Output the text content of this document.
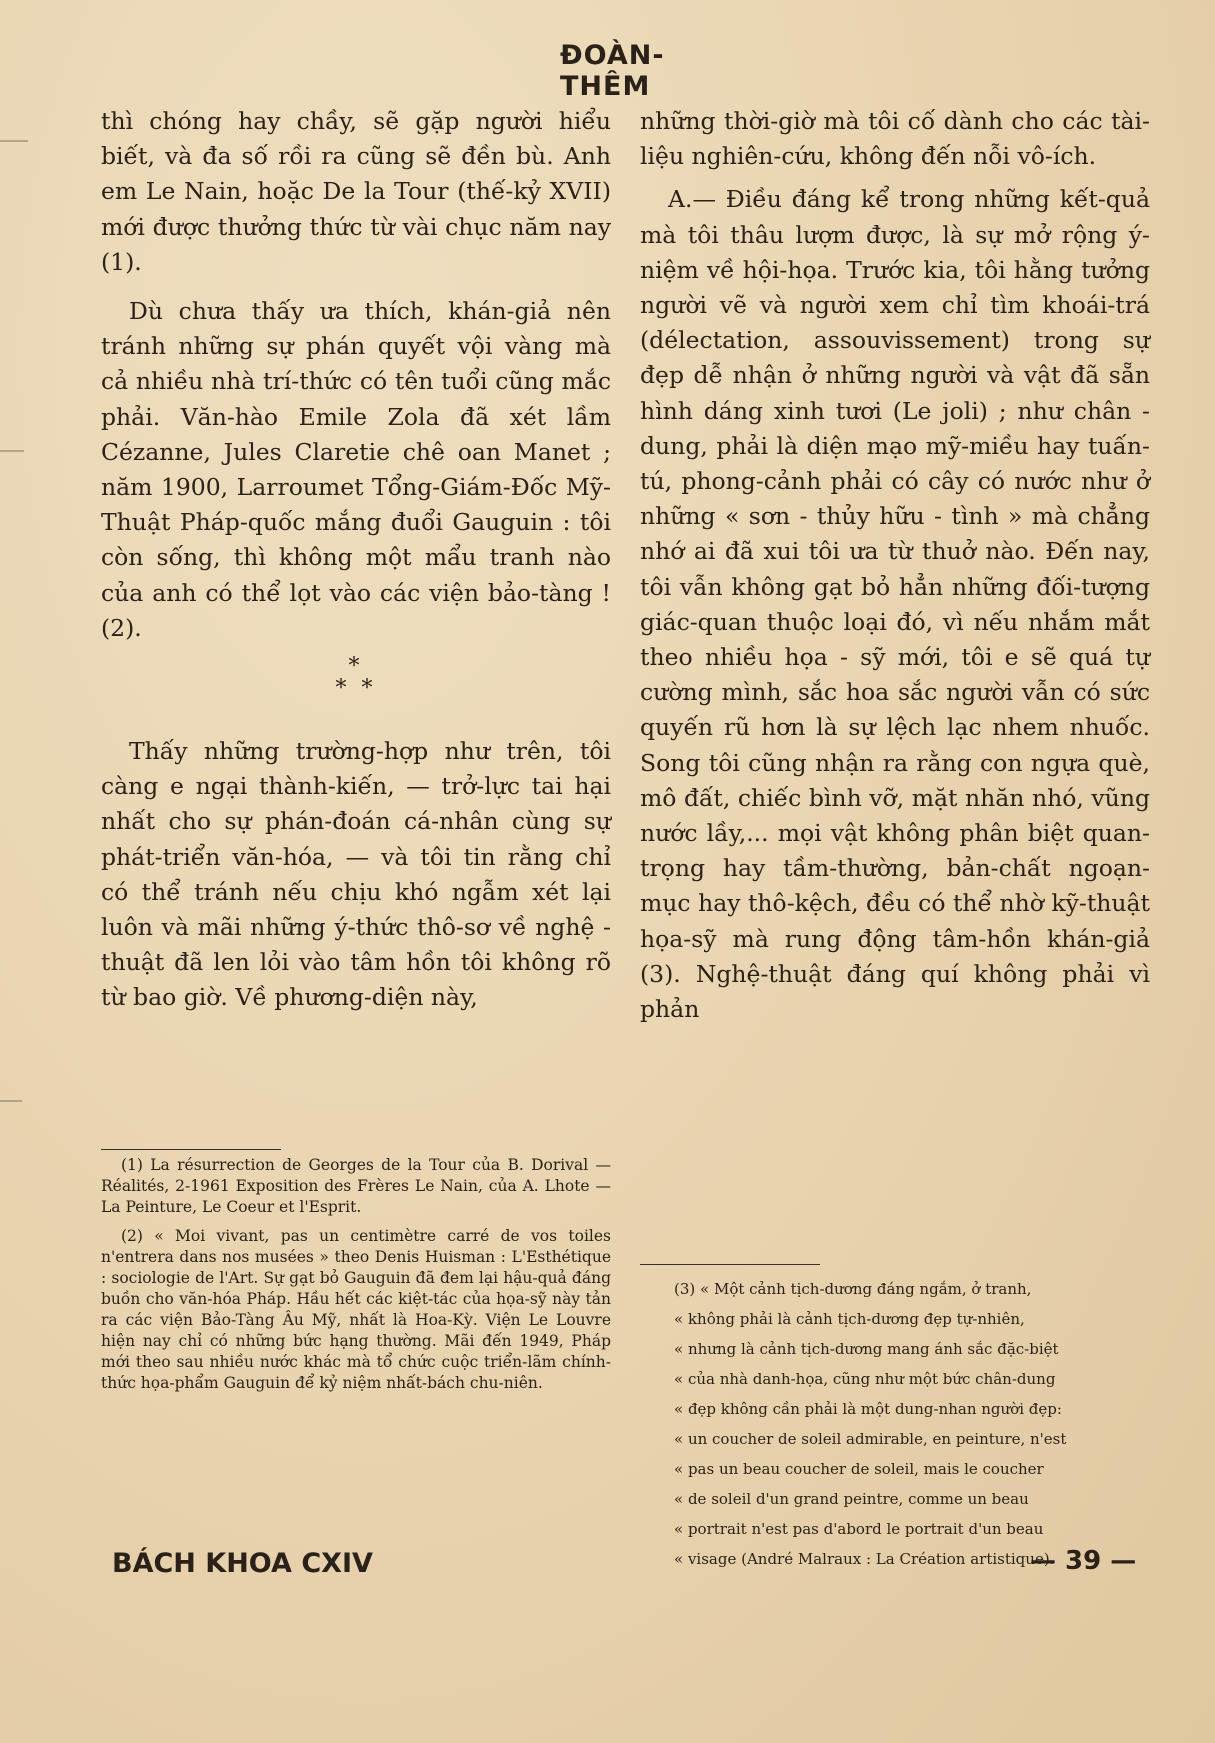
ĐOÀN-THÊM

thì chóng hay chầy, sẽ gặp người hiểu biết, và đa số rồi ra cũng sẽ đền bù. Anh em Le Nain, hoặc De la Tour (thế-kỷ XVII) mới được thưởng thức từ vài chục năm nay (1).

Dù chưa thấy ưa thích, khán-giả nên tránh những sự phán quyết vội vàng mà cả nhiều nhà trí-thức có tên tuổi cũng mắc phải. Văn-hào Emile Zola đã xét lầm Cézanne, Jules Claretie chê oan Manet ; năm 1900, Larroumet Tổng-Giám-Đốc Mỹ-Thuật Pháp-quốc mắng đuổi Gauguin : tôi còn sống, thì không một mẩu tranh nào của anh có thể lọt vào các viện bảo-tàng ! (2).

*
* *

Thấy những trường-hợp như trên, tôi càng e ngại thành-kiến, — trở-lực tai hại nhất cho sự phán-đoán cá-nhân cùng sự phát-triển văn-hóa, — và tôi tin rằng chỉ có thể tránh nếu chịu khó ngẫm xét lại luôn và mãi những ý-thức thô-sơ về nghệ - thuật đã len lỏi vào tâm hồn tôi không rõ từ bao giờ. Về phương-diện này,

những thời-giờ mà tôi cố dành cho các tài-liệu nghiên-cứu, không đến nỗi vô-ích.

A.— Điều đáng kể trong những kết-quả mà tôi thâu lượm được, là sự mở rộng ý-niệm về hội-họa. Trước kia, tôi hằng tưởng người vẽ và người xem chỉ tìm khoái-trá (délectation, assouvissement) trong sự đẹp dễ nhận ở những người và vật đã sẵn hình dáng xinh tươi (Le joli) ; như chân - dung, phải là diện mạo mỹ-miều hay tuấn-tú, phong-cảnh phải có cây có nước như ở những « sơn - thủy hữu - tình » mà chẳng nhớ ai đã xui tôi ưa từ thuở nào. Đến nay, tôi vẫn không gạt bỏ hẳn những đối-tượng giác-quan thuộc loại đó, vì nếu nhắm mắt theo nhiều họa - sỹ mới, tôi e sẽ quá tự cường mình, sắc hoa sắc người vẫn có sức quyến rũ hơn là sự lệch lạc nhem nhuốc. Song tôi cũng nhận ra rằng con ngựa què, mô đất, chiếc bình vỡ, mặt nhăn nhó, vũng nước lầy,... mọi vật không phân biệt quan-trọng hay tầm-thường, bản-chất ngoạn-mục hay thô-kệch, đều có thể nhờ kỹ-thuật họa-sỹ mà rung động tâm-hồn khán-giả (3). Nghệ-thuật đáng quí không phải vì phản

(1) La résurrection de Georges de la Tour của B. Dorival — Réalités, 2-1961 Exposition des Frères Le Nain, của A. Lhote — La Peinture, Le Coeur et l'Esprit.

(2) « Moi vivant, pas un centimètre carré de vos toiles n'entrera dans nos musées » theo Denis Huisman : L'Esthétique : sociologie de l'Art. Sự gạt bỏ Gauguin đã đem lại hậu-quả đáng buồn cho văn-hóa Pháp. Hầu hết các kiệt-tác của họa-sỹ này tản ra các viện Bảo-Tàng Âu Mỹ, nhất là Hoa-Kỳ. Viện Le Louvre hiện nay chỉ có những bức hạng thường. Mãi đến 1949, Pháp mới theo sau nhiều nước khác mà tổ chức cuộc triển-lãm chính-thức họa-phẩm Gauguin để kỷ niệm nhất-bách chu-niên.

(3) « Một cảnh tịch-dương đáng ngắm, ở tranh,

« không phải là cảnh tịch-dương đẹp tự-nhiên,

« nhưng là cảnh tịch-dương mang ánh sắc đặc-biệt

« của nhà danh-họa, cũng như một bức chân-dung

« đẹp không cần phải là một dung-nhan người đẹp:

« un coucher de soleil admirable, en peinture, n'est

« pas un beau coucher de soleil, mais le coucher

« de soleil d'un grand peintre, comme un beau

« portrait n'est pas d'abord le portrait d'un beau

« visage (André Malraux : La Création artistique).

BÁCH KHOA CXIV	— 39 —
